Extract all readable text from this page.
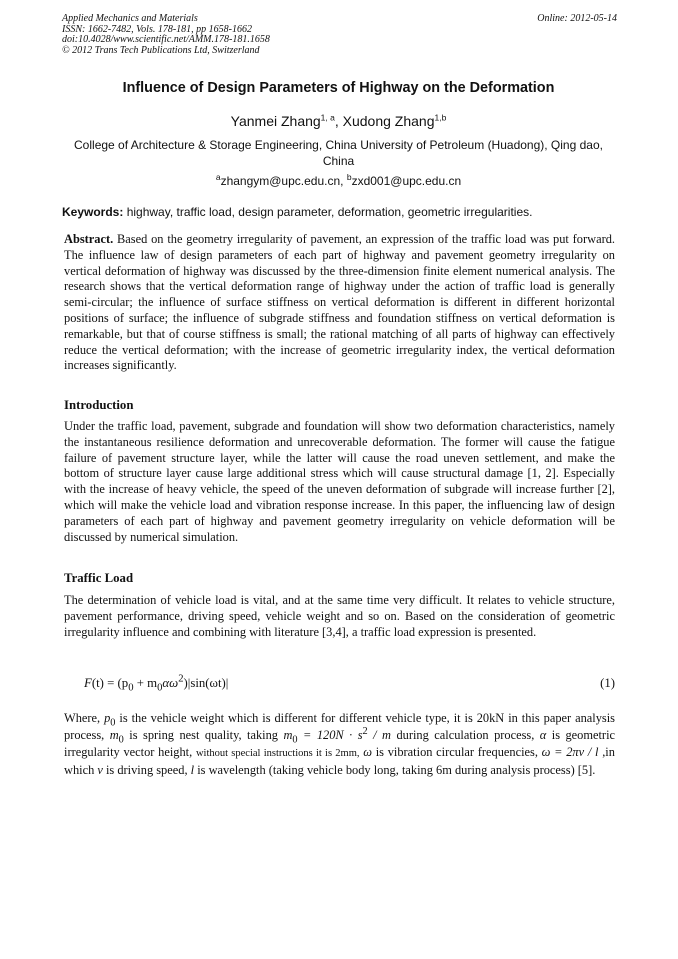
Applied Mechanics and Materials
ISSN: 1662-7482, Vols. 178-181, pp 1658-1662
doi:10.4028/www.scientific.net/AMM.178-181.1658
© 2012 Trans Tech Publications Ltd, Switzerland
Online: 2012-05-14
Influence of Design Parameters of Highway on the Deformation
Yanmei Zhang$^{1, a}$, Xudong Zhang$^{1,b}$
College of Architecture & Storage Engineering, China University of Petroleum (Huadong), Qing dao, China
$^a$zhangym@upc.edu.cn, $^b$zxd001@upc.edu.cn
Keywords: highway, traffic load, design parameter, deformation, geometric irregularities.
Abstract. Based on the geometry irregularity of pavement, an expression of the traffic load was put forward. The influence law of design parameters of each part of highway and pavement geometry irregularity on vertical deformation of highway was discussed by the three-dimension finite element numerical analysis. The research shows that the vertical deformation range of highway under the action of traffic load is generally semi-circular; the influence of surface stiffness on vertical deformation is different in different horizontal positions of surface; the influence of subgrade stiffness and foundation stiffness on vertical deformation is remarkable, but that of course stiffness is small; the rational matching of all parts of highway can effectively reduce the vertical deformation; with the increase of geometric irregularity index, the vertical deformation increases significantly.
Introduction
Under the traffic load, pavement, subgrade and foundation will show two deformation characteristics, namely the instantaneous resilience deformation and unrecoverable deformation. The former will cause the fatigue failure of pavement structure layer, while the latter will cause the road uneven settlement, and make the bottom of structure layer cause large additional stress which will cause structural damage [1, 2]. Especially with the increase of heavy vehicle, the speed of the uneven deformation of subgrade will increase further [2], which will make the vehicle load and vibration response increase. In this paper, the influencing law of design parameters of each part of highway and pavement geometry irregularity on vehicle deformation will be discussed by numerical simulation.
Traffic Load
The determination of vehicle load is vital, and at the same time very difficult. It relates to vehicle structure, pavement performance, driving speed, vehicle weight and so on. Based on the consideration of geometric irregularity influence and combining with literature [3,4], a traffic load expression is presented.
$F(t) = (p_0 + m_0\alpha\omega^2)|\sin(\omega t)|$	(1)
Where, $p_0$ is the vehicle weight which is different for different vehicle type, it is 20kN in this paper analysis process, $m_0$ is spring nest quality, taking $m_0 = 120N \cdot s^2 / m$ during calculation process, α is geometric irregularity vector height, without special instructions it is 2mm, ω is vibration circular frequencies, ω = 2πv / l ,in which v is driving speed, l is wavelength (taking vehicle body long, taking 6m during analysis process) [5].
